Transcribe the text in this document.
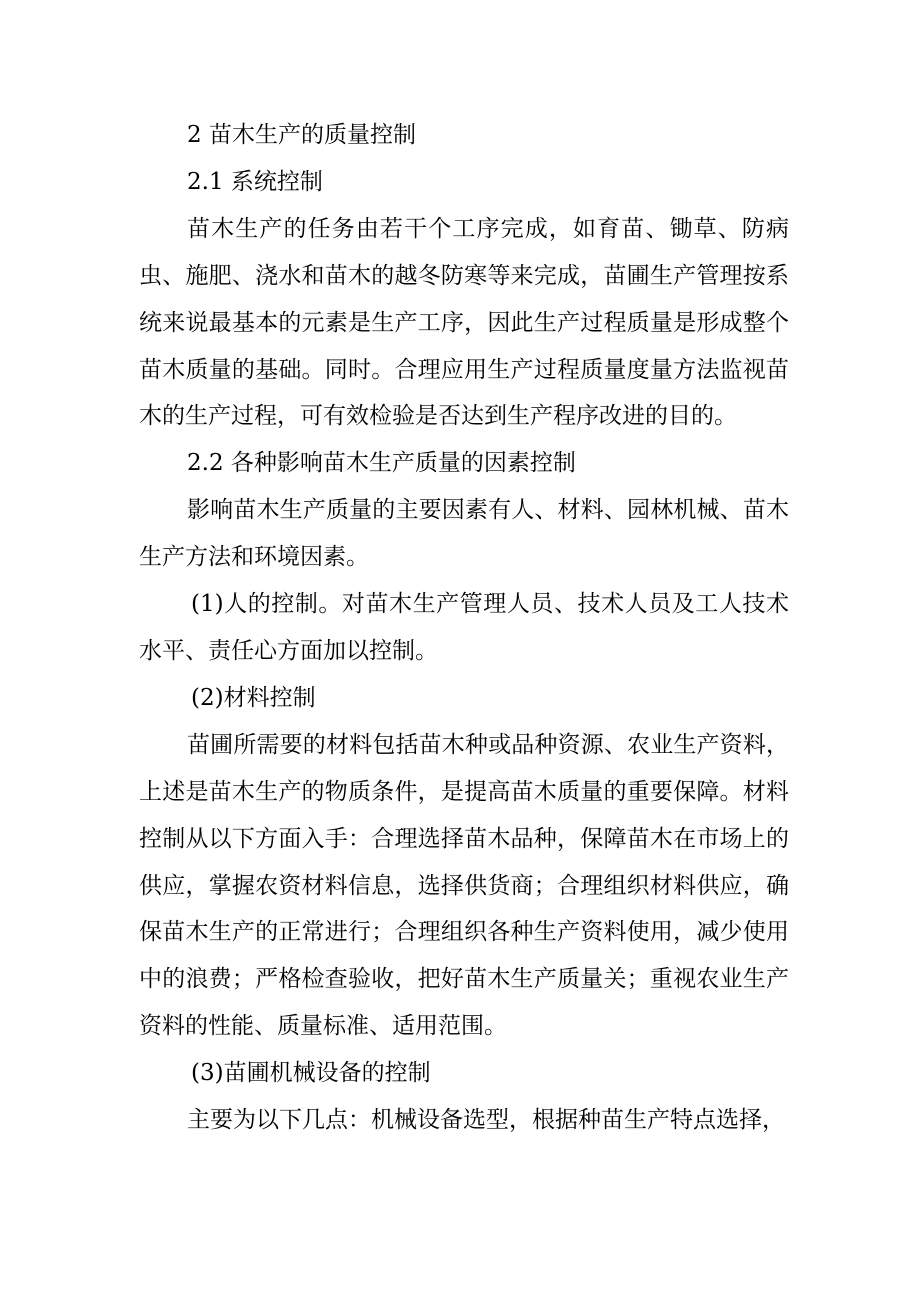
2 苗木生产的质量控制

2.1 系统控制

苗木生产的任务由若干个工序完成，如育苗、锄草、防病虫、施肥、浇水和苗木的越冬防寒等来完成，苗圃生产管理按系统来说最基本的元素是生产工序，因此生产过程质量是形成整个苗木质量的基础。同时。合理应用生产过程质量度量方法监视苗木的生产过程，可有效检验是否达到生产程序改进的目的。

2.2 各种影响苗木生产质量的因素控制

影响苗木生产质量的主要因素有人、材料、园林机械、苗木生产方法和环境因素。

(1)人的控制。对苗木生产管理人员、技术人员及工人技术水平、责任心方面加以控制。

(2)材料控制

苗圃所需要的材料包括苗木种或品种资源、农业生产资料，上述是苗木生产的物质条件，是提高苗木质量的重要保障。材料控制从以下方面入手：合理选择苗木品种，保障苗木在市场上的供应，掌握农资材料信息，选择供货商；合理组织材料供应，确保苗木生产的正常进行；合理组织各种生产资料使用，减少使用中的浪费；严格检查验收，把好苗木生产质量关；重视农业生产资料的性能、质量标准、适用范围。

(3)苗圃机械设备的控制

主要为以下几点：机械设备选型，根据种苗生产特点选择，
